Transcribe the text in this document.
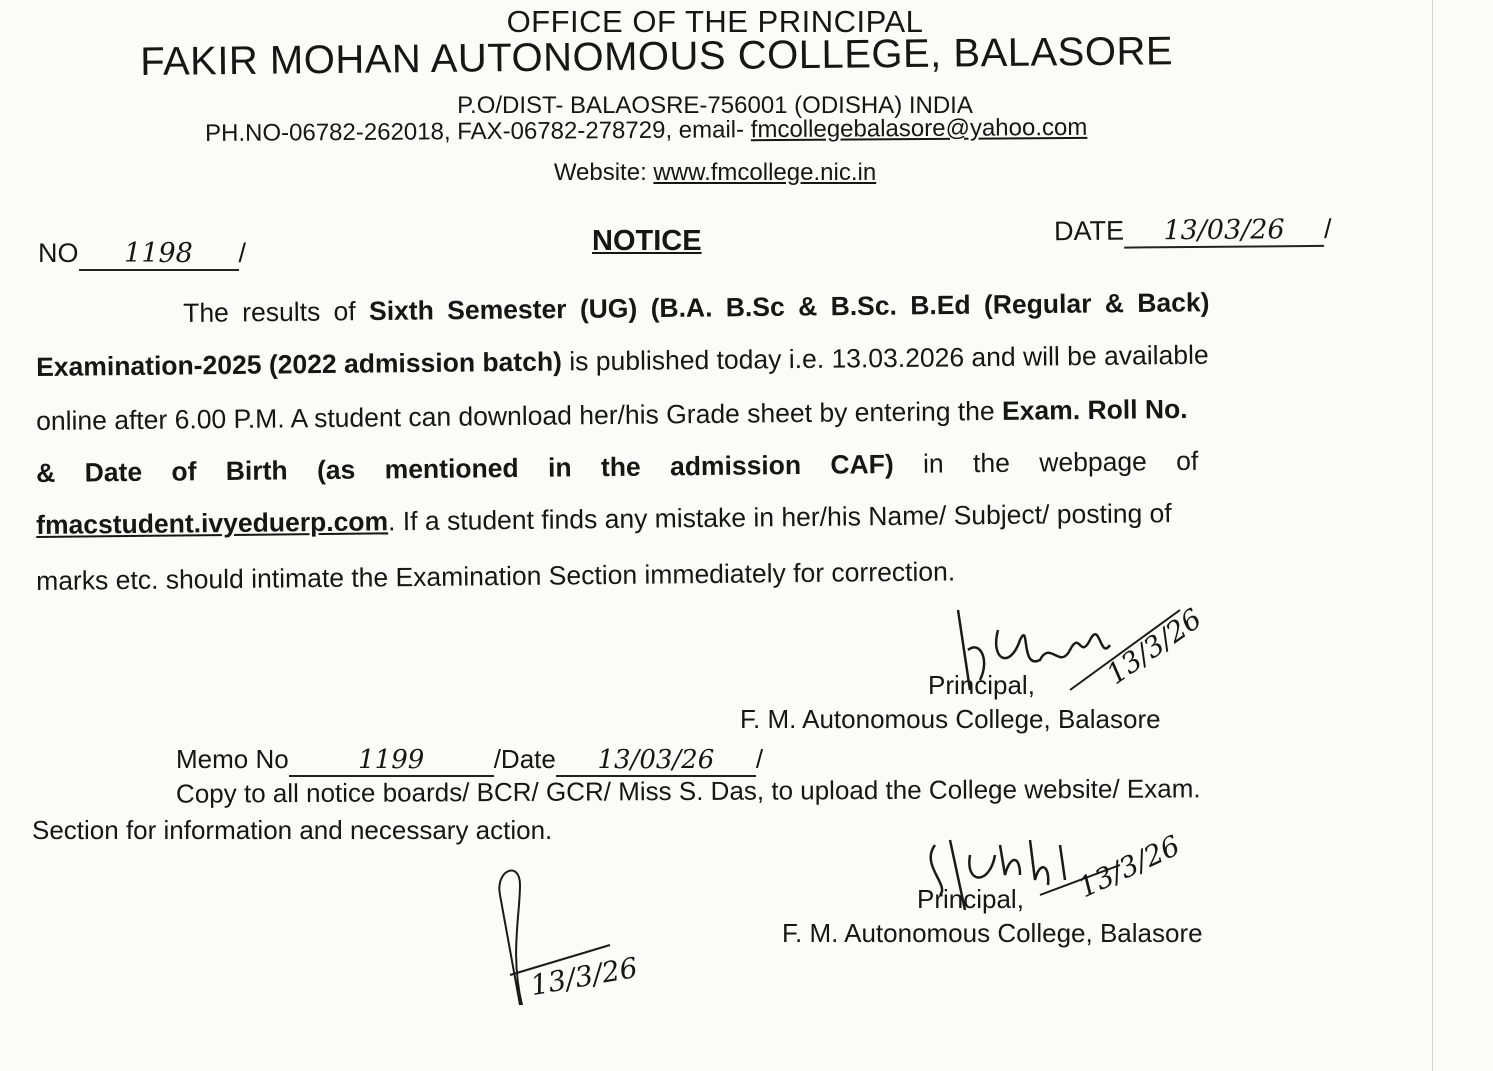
OFFICE OF THE PRINCIPAL
FAKIR MOHAN AUTONOMOUS COLLEGE, BALASORE
P.O/DIST- BALAOSRE-756001 (ODISHA) INDIA
PH.NO-06782-262018, FAX-06782-278729, email- fmcollegebalasore@yahoo.com
Website: www.fmcollege.nic.in
NO 1198 /	NOTICE	DATE 13/03/26 /
The results of Sixth Semester (UG) (B.A. B.Sc & B.Sc. B.Ed (Regular & Back)
Examination-2025 (2022 admission batch) is published today i.e. 13.03.2026 and will be available
online after 6.00 P.M. A student can download her/his Grade sheet by entering the Exam. Roll No.
& Date of Birth (as mentioned in the admission CAF) in the webpage of
fmacstudent.ivyeduerp.com. If a student finds any mistake in her/his Name/ Subject/ posting of
marks etc. should intimate the Examination Section immediately for correction.
13/3/26
Principal,
F. M. Autonomous College, Balasore
Memo No	1199	/Date 13/03/26 /
Copy to all notice boards/ BCR/ GCR/ Miss S. Das, to upload the College website/ Exam.
Section for information and necessary action.
13/3/26
13/3/26
Principal,
F. M. Autonomous College, Balasore
